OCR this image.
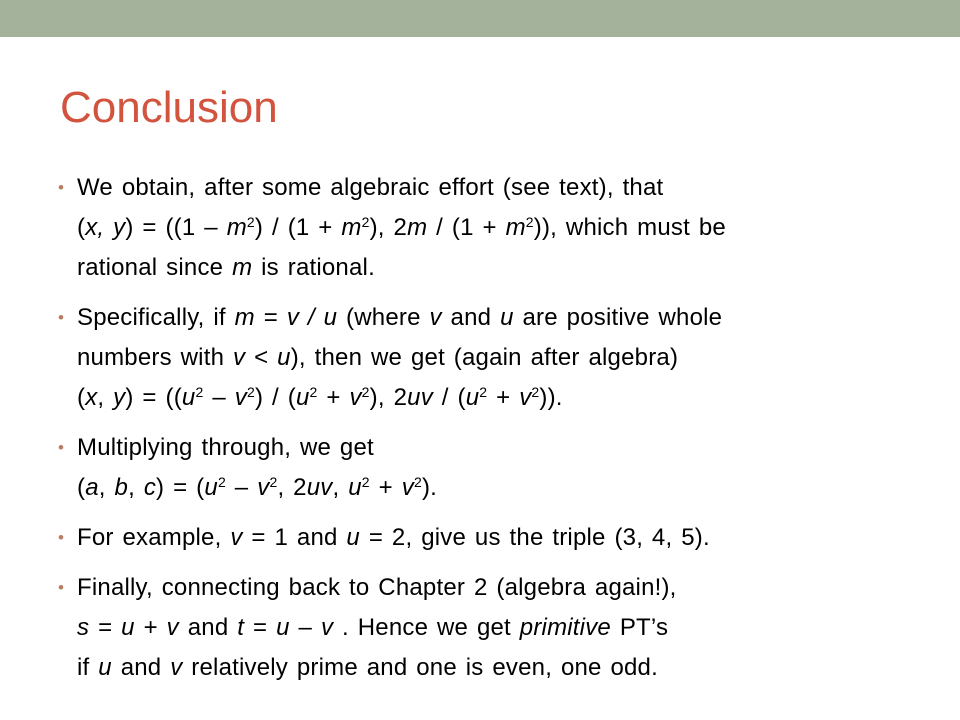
Conclusion
• We obtain, after some algebraic effort (see text), that
(x, $y) = ((1 - m^2) / (1 + m^2)$, $2m / (1 + m^2)$), which must be
rational since m is rational.
• Specifically, if m = v / u (where v and u are positive whole
numbers with v < u), then we get (again after algebra)
(x, $y) = ((u^2 - v^2) / (u^2 + v^2)$, $2uv / (u^2 + v^2)$).
• Multiplying through, we get
(a, b, $c) = (u^2 - v^2$, 2uv, $u^2 + v^2$).
• For example, v = 1 and u = 2, give us the triple (3, 4, 5).
• Finally, connecting back to Chapter 2 (algebra again!),
s = u + v and t = u – v . Hence we get primitive PT’s
if u and v relatively prime and one is even, one odd.
